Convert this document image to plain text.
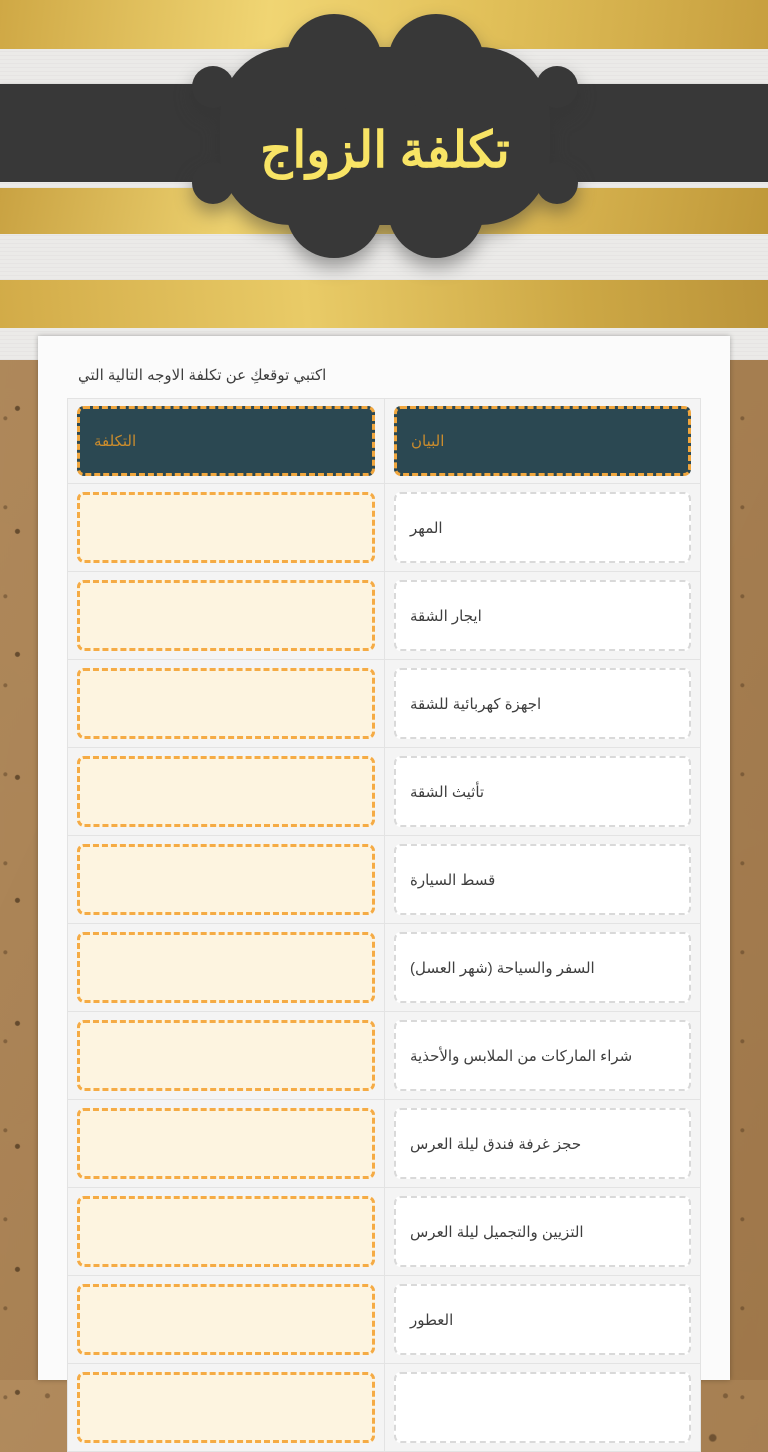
تكلفة الزواج
اكتبي توقعكِ عن تكلفة الاوجه التالية التي
التكلفة	البيان
المهر
ايجار الشقة
اجهزة كهربائية للشقة
تأثيث الشقة
قسط السيارة
السفر والسياحة (شهر العسل)
شراء الماركات من الملابس والأحذية
حجز غرفة فندق ليلة العرس
التزيين والتجميل ليلة العرس
العطور
